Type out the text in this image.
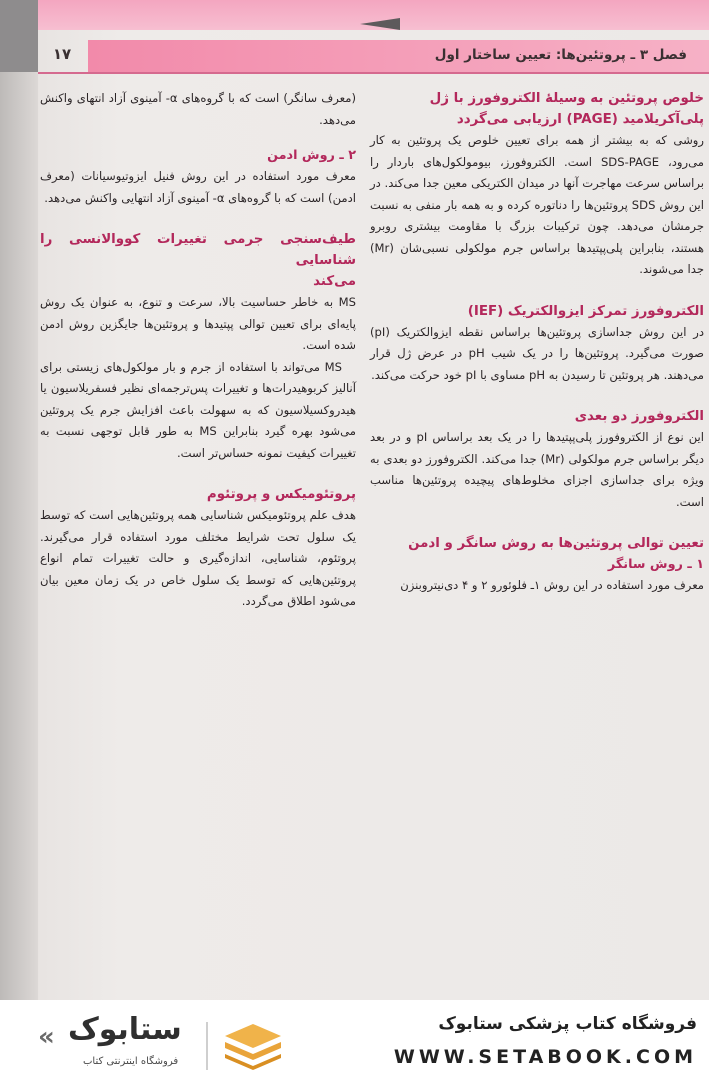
فصل ۳ ـ پروتئین‌ها: تعیین ساختار اول
۱۷

خلوص پروتئین به وسیلۀ الکتروفورز با ژل

پلی‌آکریلامید (PAGE) ارزیابی می‌گردد

روشی که به بیشتر از همه برای تعیین خلوص یک پروتئین به کار می‌رود، SDS-PAGE است. الکتروفورز، بیومولکول‌های باردار را براساس سرعت مهاجرت آنها در میدان الکتریکی معین جدا می‌کند. در این روش SDS پروتئین‌ها را دناتوره کرده و به همه بار منفی به نسبت جرمشان می‌دهد. چون ترکیبات بزرگ با مقاومت بیشتری روبرو هستند، بنابراین پلی‌پپتیدها براساس جرم مولکولی نسبی‌شان (Mr) جدا می‌شوند.

الکتروفورز تمرکز ایزوالکتریک (IEF)

در این روش جداسازی پروتئین‌ها براساس نقطه ایزوالکتریک (pI) صورت می‌گیرد. پروتئین‌ها را در یک شیب pH در عرض ژل قرار می‌دهند. هر پروتئین تا رسیدن به pH مساوی با pI خود حرکت می‌کند.

الکتروفورز دو بعدی

این نوع از الکتروفورز پلی‌پپتیدها را در یک بعد براساس pI و در بعد دیگر براساس جرم مولکولی (Mr) جدا می‌کند. الکتروفورز دو بعدی به ویژه برای جداسازی اجزای مخلوط‌های پیچیده پروتئین‌ها مناسب است.

تعیین توالی پروتئین‌ها به روش سانگر و ادمن

۱ ـ روش سانگر

معرف مورد استفاده در این روش ۱ـ فلوئورو ۲ و ۴ دی‌نیتروبنزن

(معرف سانگر) است که با گروه‌های α- آمینوی آزاد انتهای واکنش می‌دهد.

۲ ـ روش ادمن

معرف مورد استفاده در این روش فنیل ایزوتیوسیانات (معرف ادمن) است که با گروه‌های α- آمینوی آزاد انتهایی واکنش می‌دهد.

طیف‌سنجی جرمی تغییرات کووالانسی را شناسایی

می‌کند

MS به خاطر حساسیت بالا، سرعت و تنوع، به عنوان یک روش پایه‌ای برای تعیین توالی پپتیدها و پروتئین‌ها جایگزین روش ادمن شده است.

MS می‌تواند با استفاده از جرم و بار مولکول‌های زیستی برای آنالیز کربوهیدرات‌ها و تغییرات پس‌ترجمه‌ای نظیر فسفریلاسیون یا هیدروکسیلاسیون که به سهولت باعث افزایش جرم یک پروتئین می‌شود بهره گیرد بنابراین MS به طور قابل توجهی نسبت به تغییرات کیفیت نمونه حساس‌تر است.

پروتئومیکس و پروتئوم

هدف علم پروتئومیکس شناسایی همه پروتئین‌هایی است که توسط یک سلول تحت شرایط مختلف مورد استفاده قرار می‌گیرند. پروتئوم، شناسایی، اندازه‌گیری و حالت تغییرات تمام انواع پروتئین‌هایی که توسط یک سلول خاص در یک زمان معین بیان می‌شود اطلاق می‌گردد.

« ستابوک
فروشگاه اینترنتی کتاب
فروشگاه کتاب پزشکی ستابوک
WWW.SETABOOK.COM
